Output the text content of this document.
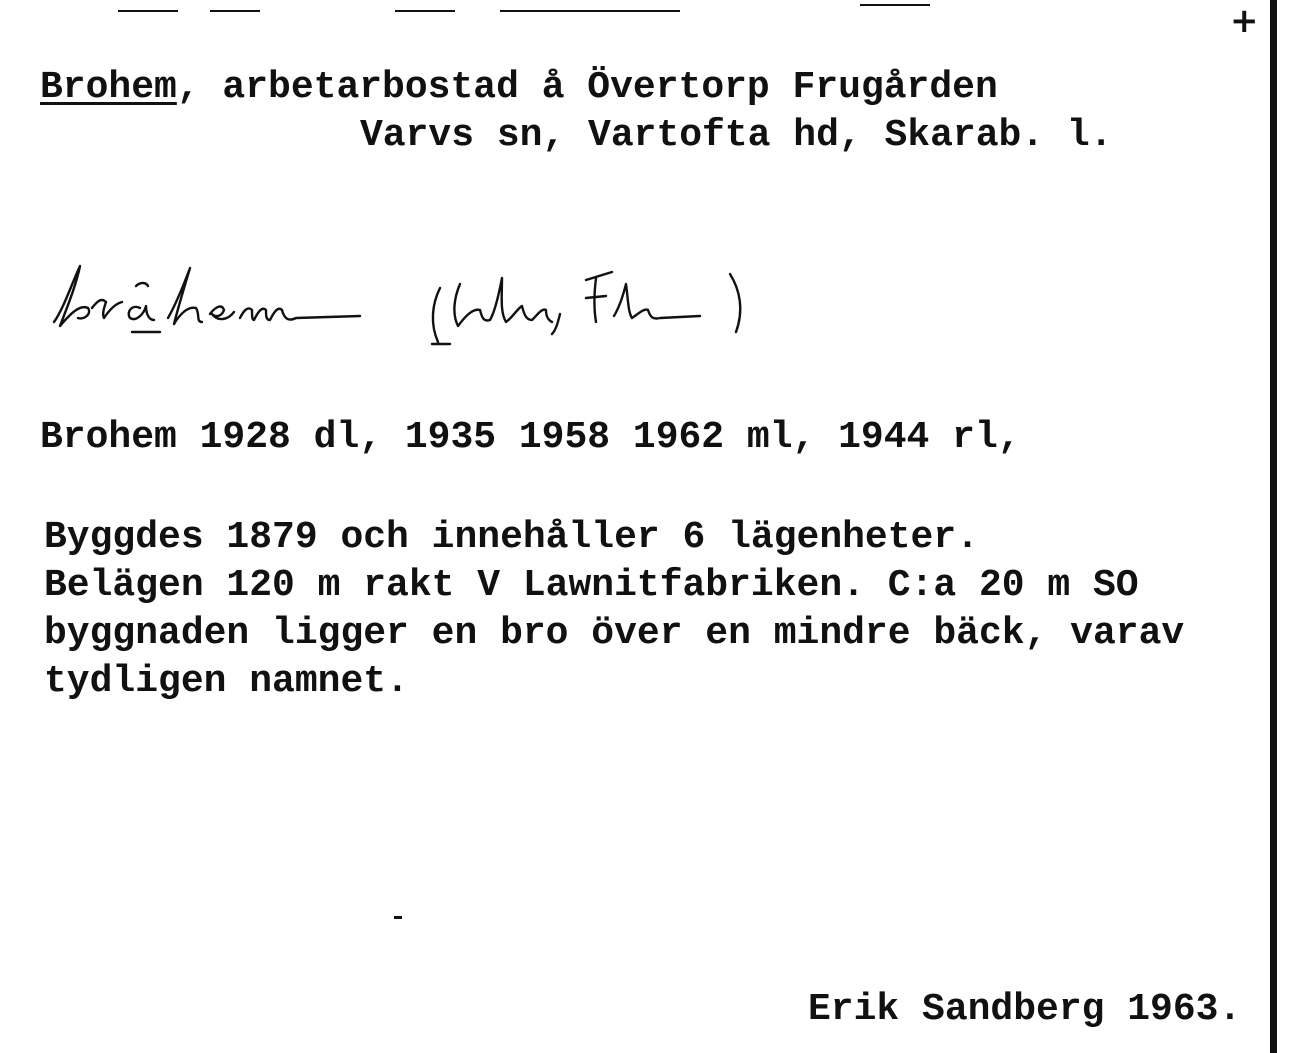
+
Brohem, arbetarbostad å Övertorp Frugården
Varvs sn, Vartofta hd, Skarab. l.
Brohem 1928 dl, 1935 1958 1962 ml, 1944 rl,
Byggdes 1879 och innehåller 6 lägenheter.
Belägen 120 m rakt V Lawnitfabriken. C:a 20 m SO
byggnaden ligger en bro över en mindre bäck, varav
tydligen namnet.
Erik Sandberg 1963.
